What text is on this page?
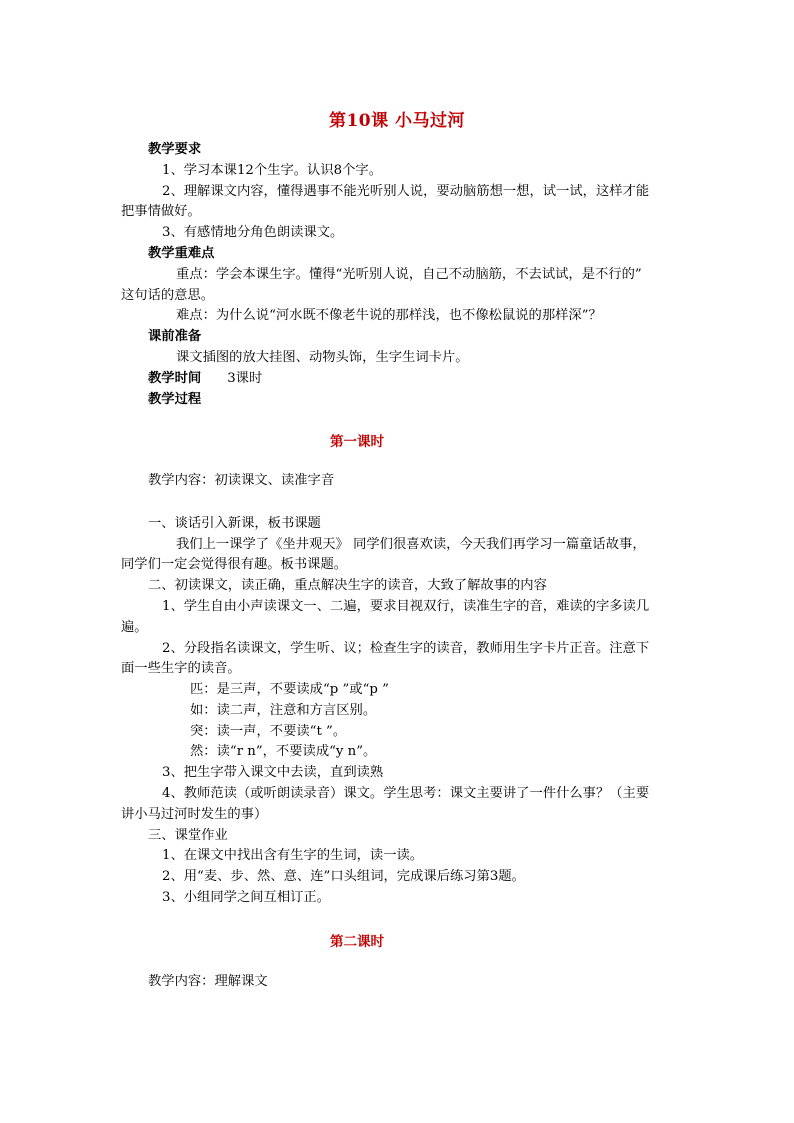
第10课 小马过河
教学要求
1、学习本课12个生字。认识8个字。
2、理解课文内容，懂得遇事不能光听别人说，要动脑筋想一想，试一试，这样才能
把事情做好。
3、有感情地分角色朗读课文。
教学重难点
重点：学会本课生字。懂得“光听别人说，自己不动脑筋，不去试试，是不行的”
这句话的意思。
难点：为什么说“河水既不像老牛说的那样浅，也不像松鼠说的那样深”？
课前准备
课文插图的放大挂图、动物头饰，生字生词卡片。
教学时间 3课时
教学过程
第一课时
教学内容：初读课文、读准字音
一、谈话引入新课，板书课题
我们上一课学了《坐井观天》 同学们很喜欢读，今天我们再学习一篇童话故事，
同学们一定会觉得很有趣。板书课题。
二、初读课文，读正确，重点解决生字的读音，大致了解故事的内容
1、学生自由小声读课文一、二遍，要求目视双行，读准生字的音，难读的字多读几
遍。
2、分段指名读课文，学生听、议；检查生字的读音，教师用生字卡片正音。注意下
面一些生字的读音。
匹：是三声，不要读成“p ”或“p ”
如：读二声，注意和方言区别。
突：读一声，不要读“t ”。
然：读“r n”，不要读成“y n”。
3、把生字带入课文中去读，直到读熟
4、教师范读（或听朗读录音）课文。学生思考：课文主要讲了一件什么事？（主要
讲小马过河时发生的事）
三、课堂作业
1、在课文中找出含有生字的生词，读一读。
2、用“麦、步、然、意、连”口头组词，完成课后练习第3题。
3、小组同学之间互相订正。
第二课时
教学内容：理解课文
